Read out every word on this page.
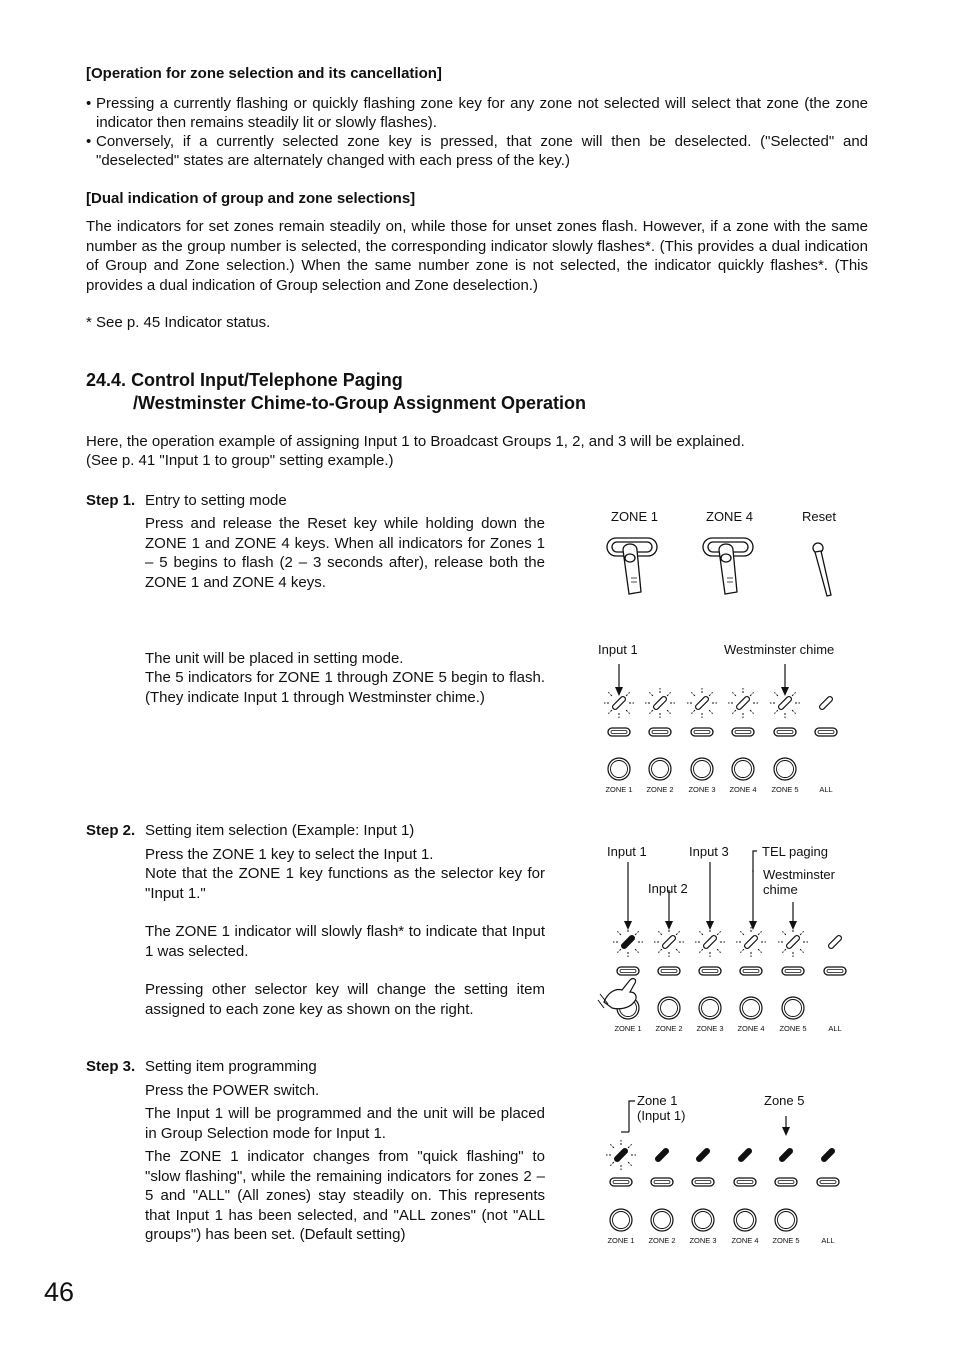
[Operation for zone selection and its cancellation]
• Pressing a currently flashing or quickly flashing zone key for any zone not selected will select that zone (the zone indicator then remains steadily lit or slowly flashes).
• Conversely, if a currently selected zone key is pressed, that zone will then be deselected. ("Selected" and "deselected" states are alternately changed with each press of the key.)
[Dual indication of group and zone selections]
The indicators for set zones remain steadily on, while those for unset zones flash. However, if a zone with the same number as the group number is selected, the corresponding indicator slowly flashes*. (This provides a dual indication of Group and Zone selection.) When the same number zone is not selected, the indicator quickly flashes*. (This provides a dual indication of Group selection and Zone deselection.)
* See p. 45 Indicator status.
24.4. Control Input/Telephone Paging
/Westminster Chime-to-Group Assignment Operation
Here, the operation example of assigning Input 1 to Broadcast Groups 1, 2, and 3 will be explained.
(See p. 41 "Input 1 to group" setting example.)
Step 1. Entry to setting mode
Press and release the Reset key while holding down the ZONE 1 and ZONE 4 keys. When all indicators for Zones 1 – 5 begins to flash (2 – 3 seconds after), release both the ZONE 1 and ZONE 4 keys.
The unit will be placed in setting mode.
The 5 indicators for ZONE 1 through ZONE 5 begin to flash. (They indicate Input 1 through Westminster chime.)
Step 2. Setting item selection (Example: Input 1)
Press the ZONE 1 key to select the Input 1.
Note that the ZONE 1 key functions as the selector key for "Input 1."
The ZONE 1 indicator will slowly flash* to indicate that Input 1 was selected.
Pressing other selector key will change the setting item assigned to each zone key as shown on the right.
Step 3. Setting item programming
Press the POWER switch.
The Input 1 will be programmed and the unit will be placed in Group Selection mode for Input 1.
The ZONE 1 indicator changes from "quick flashing" to "slow flashing", while the remaining indicators for zones 2 – 5 and "ALL" (All zones) stay steadily on. This represents that Input 1 has been selected, and "ALL zones" (not "ALL groups") has been set. (Default setting)
46
ZONE 1	ZONE 4	Reset
Input 1	Westminster chime
ZONE 1 ZONE 2 ZONE 3 ZONE 4 ZONE 5	ALL
Input 1	Input 3	TEL paging
Input 2
Westminster chime
ZONE 1 ZONE 2 ZONE 3 ZONE 4 ZONE 5	ALL
Zone 1 (Input 1)
Zone 5
ZONE 1 ZONE 2 ZONE 3 ZONE 4 ZONE 5	ALL
